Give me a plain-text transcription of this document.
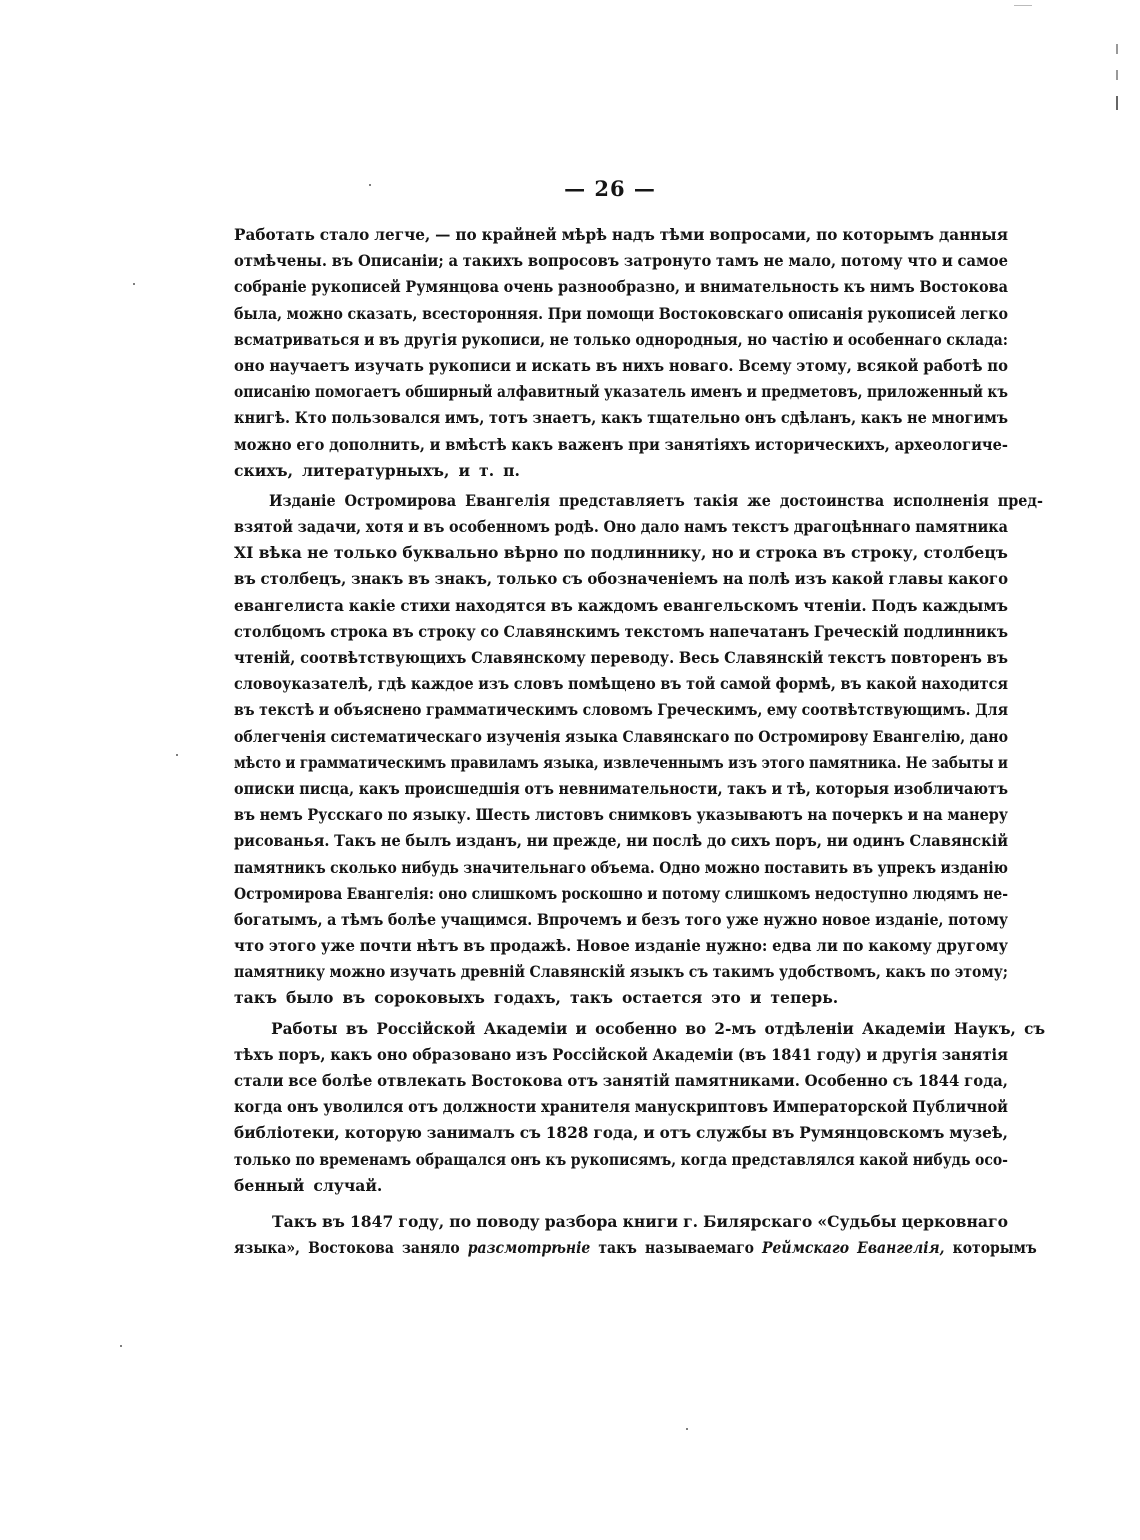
— 26 —
Работать стало легче, — по крайней мѣрѣ надъ тѣми вопросами, по которымъ данныя
отмѣчены. въ Описаніи; а такихъ вопросовъ затронуто тамъ не мало, потому что и самое
собраніе рукописей Румянцова очень разнообразно, и внимательность къ нимъ Востокова
была, можно сказать, всесторонняя. При помощи Востоковскаго описанія рукописей легко
всматриваться и въ другія рукописи, не только однородныя, но частію и особеннаго склада:
оно научаетъ изучать рукописи и искать въ нихъ новаго. Всему этому, всякой работѣ по
описанію помогаетъ обширный алфавитный указатель именъ и предметовъ, приложенный къ
книгѣ. Кто пользовался имъ, тотъ знаетъ, какъ тщательно онъ сдѣланъ, какъ не многимъ
можно его дополнить, и вмѣстѣ какъ важенъ при занятіяхъ историческихъ, археологиче-
скихъ, литературныхъ, и т. п.
Изданіе Остромирова Евангелія представляетъ такія же достоинства исполненія пред-
взятой задачи, хотя и въ особенномъ родѣ. Оно дало намъ текстъ драгоцѣннаго памятника
XI вѣка не только буквально вѣрно по подлиннику, но и строка въ строку, столбецъ
въ столбецъ, знакъ въ знакъ, только съ обозначеніемъ на полѣ изъ какой главы какого
евангелиста какіе стихи находятся въ каждомъ евангельскомъ чтеніи. Подъ каждымъ
столбцомъ строка въ строку со Славянскимъ текстомъ напечатанъ Греческій подлинникъ
чтеній, соотвѣтствующихъ Славянскому переводу. Весь Славянскій текстъ повторенъ въ
словоуказателѣ, гдѣ каждое изъ словъ помѣщено въ той самой формѣ, въ какой находится
въ текстѣ и объяснено грамматическимъ словомъ Греческимъ, ему соотвѣтствующимъ. Для
облегченія систематическаго изученія языка Славянскаго по Остромирову Евангелію, дано
мѣсто и грамматическимъ правиламъ языка, извлеченнымъ изъ этого памятника. Не забыты и
описки писца, какъ происшедшія отъ невнимательности, такъ и тѣ, которыя изобличаютъ
въ немъ Русскаго по языку. Шесть листовъ снимковъ указываютъ на почеркъ и на манеру
рисованья. Такъ не былъ изданъ, ни прежде, ни послѣ до сихъ поръ, ни одинъ Славянскій
памятникъ сколько нибудь значительнаго объема. Одно можно поставить въ упрекъ изданію
Остромирова Евангелія: оно слишкомъ роскошно и потому слишкомъ недоступно людямъ не-
богатымъ, а тѣмъ болѣе учащимся. Впрочемъ и безъ того уже нужно новое изданіе, потому
что этого уже почти нѣтъ въ продажѣ. Новое изданіе нужно: едва ли по какому другому
памятнику можно изучать древній Славянскій языкъ съ такимъ удобствомъ, какъ по этому;
такъ было въ сороковыхъ годахъ, такъ остается это и теперь.
Работы въ Россійской Академіи и особенно во 2-мъ отдѣленіи Академіи Наукъ, съ
тѣхъ поръ, какъ оно образовано изъ Россійской Академіи (въ 1841 году) и другія занятія
стали все болѣе отвлекать Востокова отъ занятій памятниками. Особенно съ 1844 года,
когда онъ уволился отъ должности хранителя манускриптовъ Императорской Публичной
библіотеки, которую занималъ съ 1828 года, и отъ службы въ Румянцовскомъ музеѣ,
только по временамъ обращался онъ къ рукописямъ, когда представлялся какой нибудь осо-
бенный случай.
Такъ въ 1847 году, по поводу разбора книги г. Билярскаго «Судьбы церковнаго
языка», Востокова заняло разсмотрѣніе такъ называемаго Реймскаго Евангелія, которымъ
